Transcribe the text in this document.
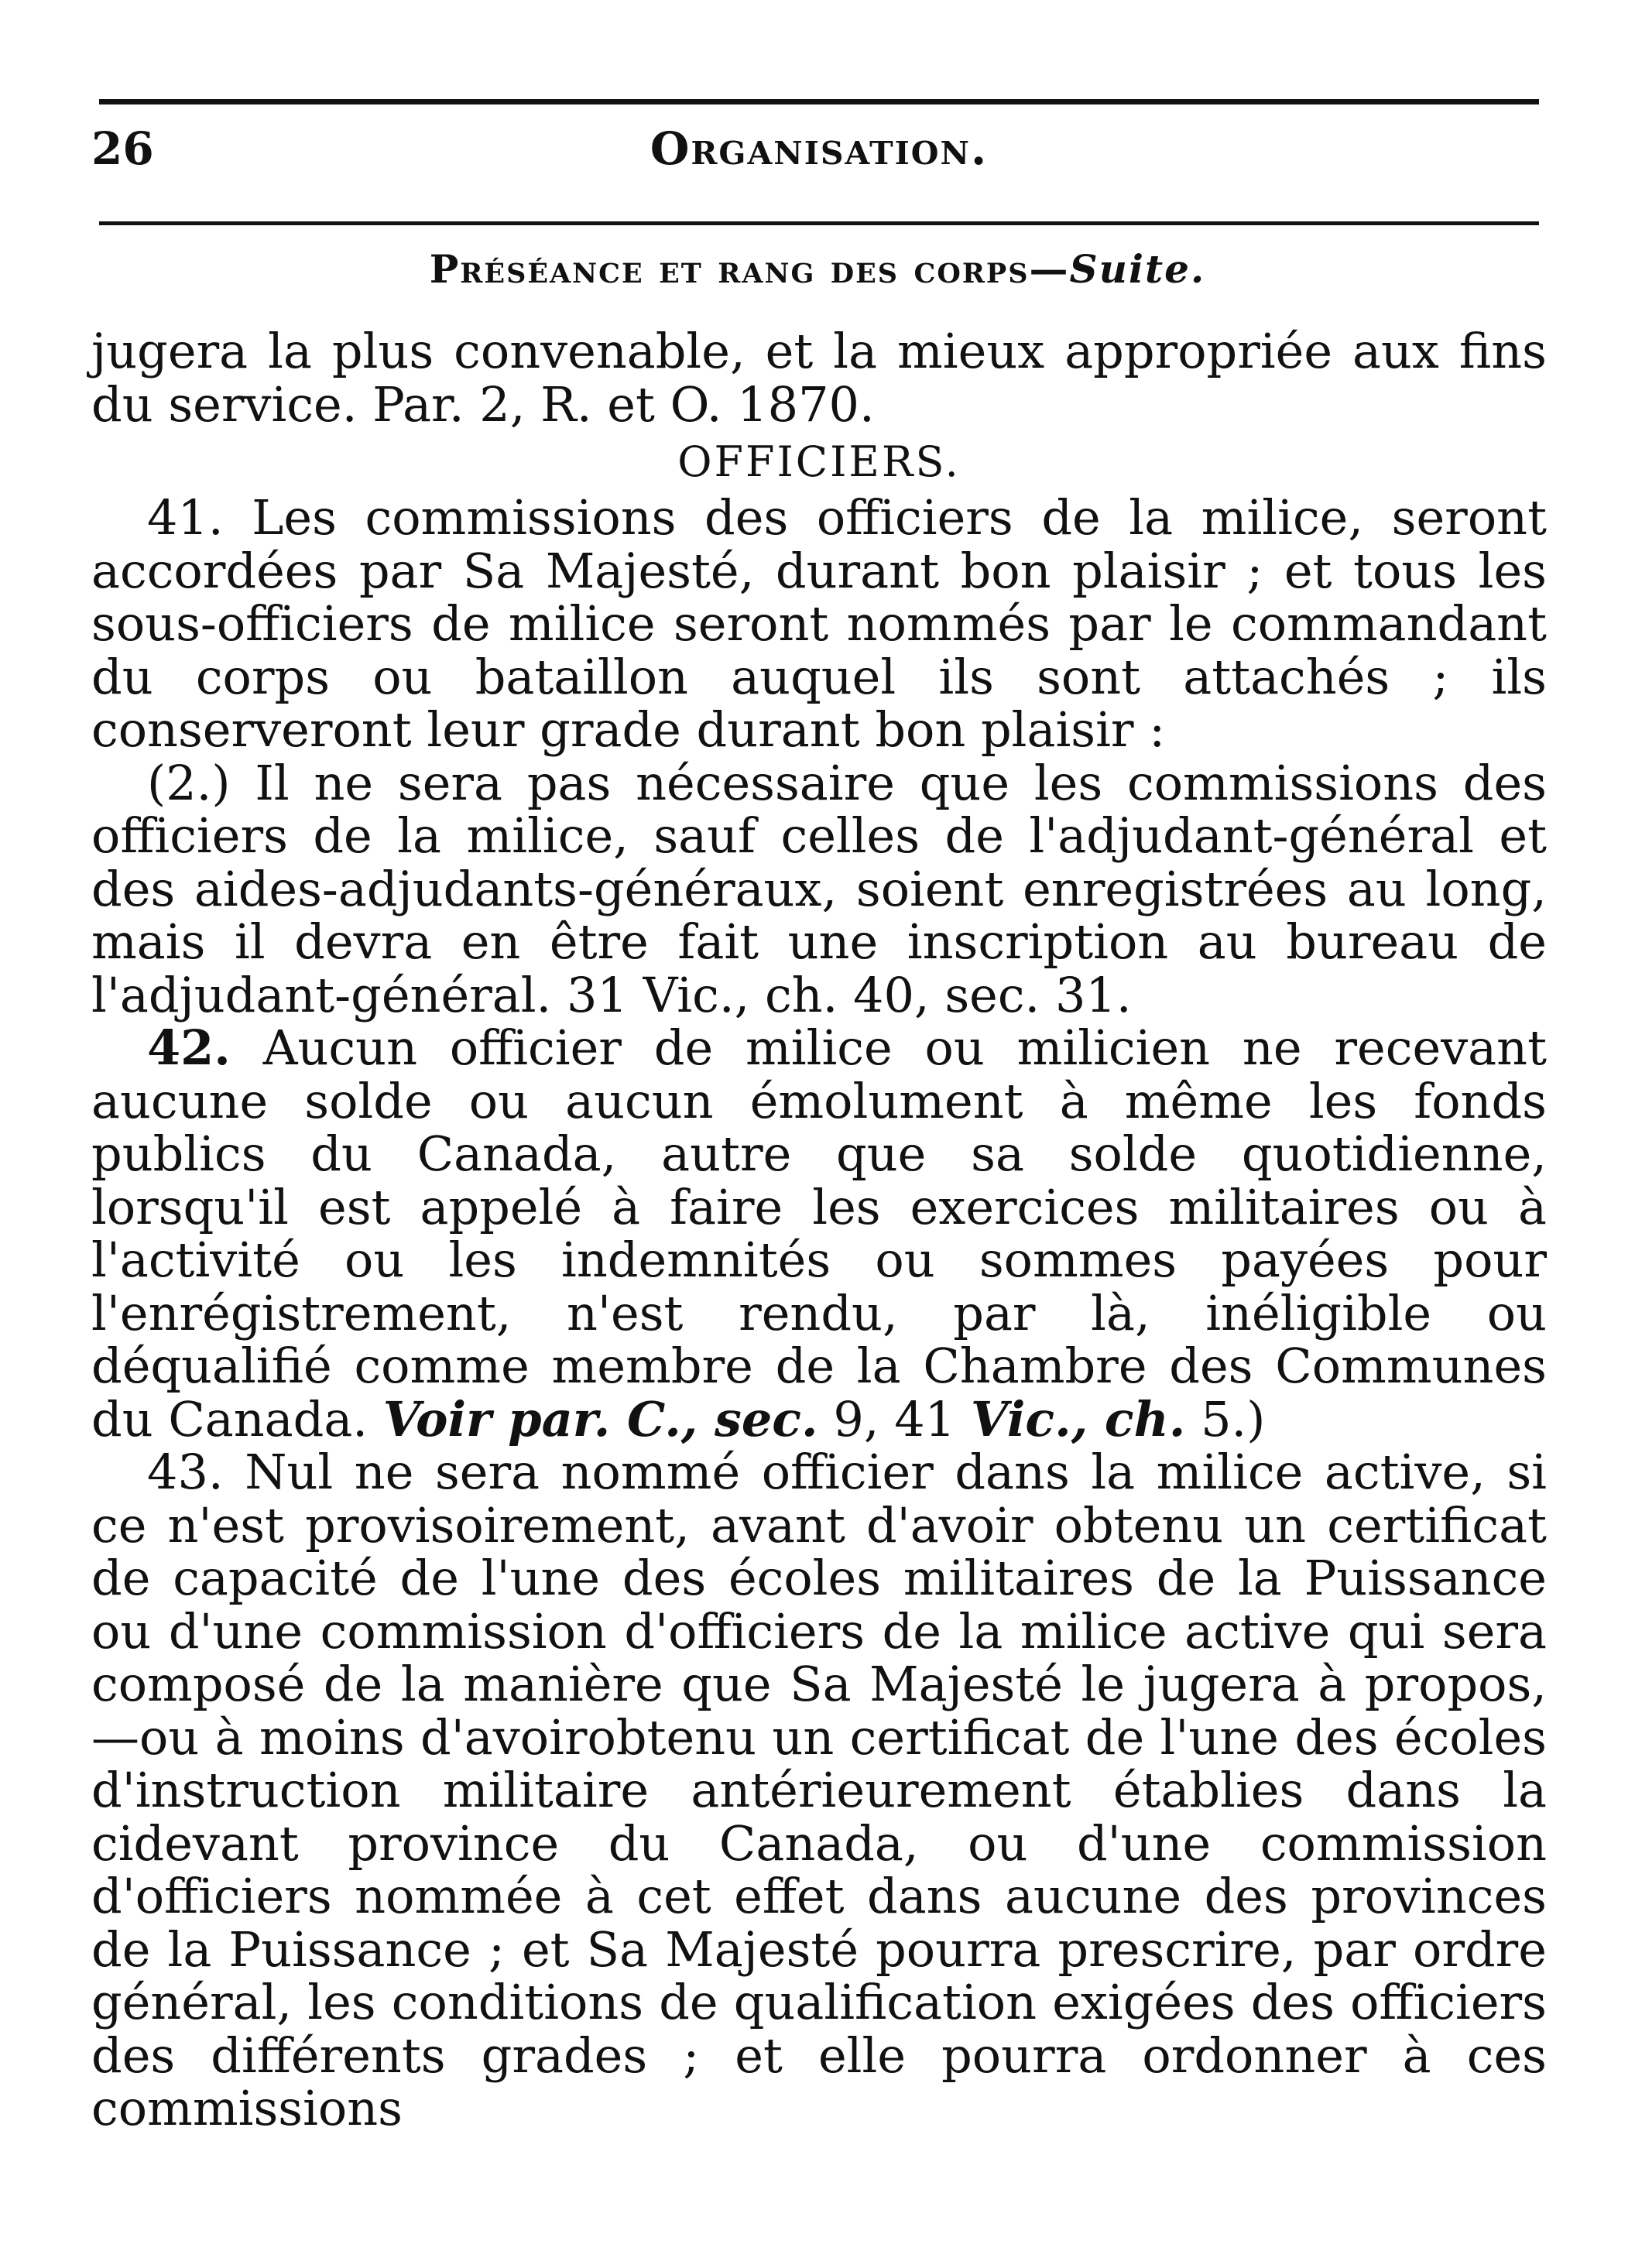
26	Organisation.
Préséance et rang des corps—Suite.

jugera la plus convenable, et la mieux appropriée aux fins du service. Par. 2, R. et O. 1870.

OFFICIERS.

41. Les commissions des officiers de la milice, seront accordées par Sa Majesté, durant bon plaisir ; et tous les sous-officiers de milice seront nommés par le commandant du corps ou bataillon auquel ils sont attachés ; ils conserveront leur grade durant bon plaisir :

(2.) Il ne sera pas nécessaire que les commissions des officiers de la milice, sauf celles de l'adjudant-général et des aides-adjudants-généraux, soient enregistrées au long, mais il devra en être fait une inscription au bureau de l'adjudant-général. 31 Vic., ch. 40, sec. 31.

42. Aucun officier de milice ou milicien ne recevant aucune solde ou aucun émolument à même les fonds publics du Canada, autre que sa solde quotidienne, lorsqu'il est appelé à faire les exercices militaires ou à l'activité ou les indemnités ou sommes payées pour l'enrégistrement, n'est rendu, par là, inéligible ou déqualifié comme membre de la Chambre des Communes du Canada. Voir par. C., sec. 9, 41 Vic., ch. 5.)

43. Nul ne sera nommé officier dans la milice active, si ce n'est provisoirement, avant d'avoir obtenu un certificat de capacité de l'une des écoles militaires de la Puissance ou d'une commission d'officiers de la milice active qui sera composé de la manière que Sa Majesté le jugera à propos,—ou à moins d'avoirobtenu un certificat de l'une des écoles d'instruction militaire antérieurement établies dans la cidevant province du Canada, ou d'une commission d'officiers nommée à cet effet dans aucune des provinces de la Puissance ; et Sa Majesté pourra prescrire, par ordre général, les conditions de qualification exigées des officiers des différents grades ; et elle pourra ordonner à ces commissions
